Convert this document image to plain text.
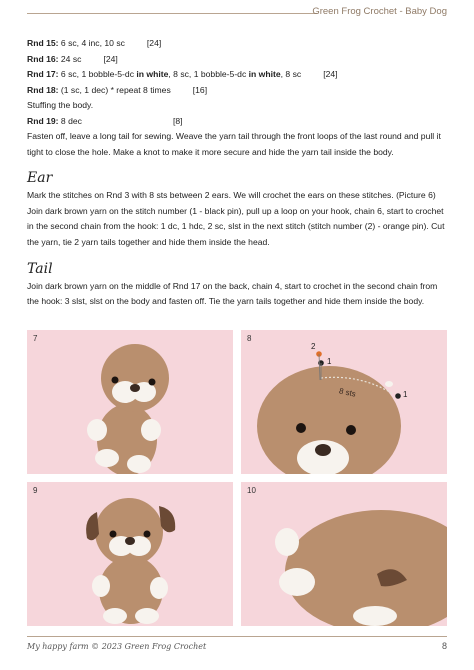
Green Frog Crochet - Baby Dog
Rnd 15: 6 sc, 4 inc, 10 sc	[24]
Rnd 16: 24 sc	[24]
Rnd 17: 6 sc, 1 bobble-5-dc in white, 8 sc, 1 bobble-5-dc in white, 8 sc	[24]
Rnd 18: (1 sc, 1 dec) * repeat 8 times	[16]
Stuffing the body.
Rnd 19: 8 dec	[8]

Fasten off, leave a long tail for sewing. Weave the yarn tail through the front loops of the last round and pull it tight to close the hole. Make a knot to make it more secure and hide the yarn tail inside the body.

Ear

Mark the stitches on Rnd 3 with 8 sts between 2 ears. We will crochet the ears on these stitches. (Picture 6)

Join dark brown yarn on the stitch number (1 - black pin), pull up a loop on your hook, chain 6, start to crochet in the second chain from the hook: 1 dc, 1 hdc, 2 sc, slst in the next stitch (stitch number (2) - orange pin). Cut the yarn, tie 2 yarn tails together and hide them inside the head.

Tail

Join dark brown yarn on the middle of Rnd 17 on the back, chain 4, start to crochet in the second chain from the hook: 3 slst, slst on the body and fasten off. Tie the yarn tails together and hide them inside the body.

7	8
1
2
8 sts	1
9	10
My happy farm © 2023 Green Frog Crochet	8
